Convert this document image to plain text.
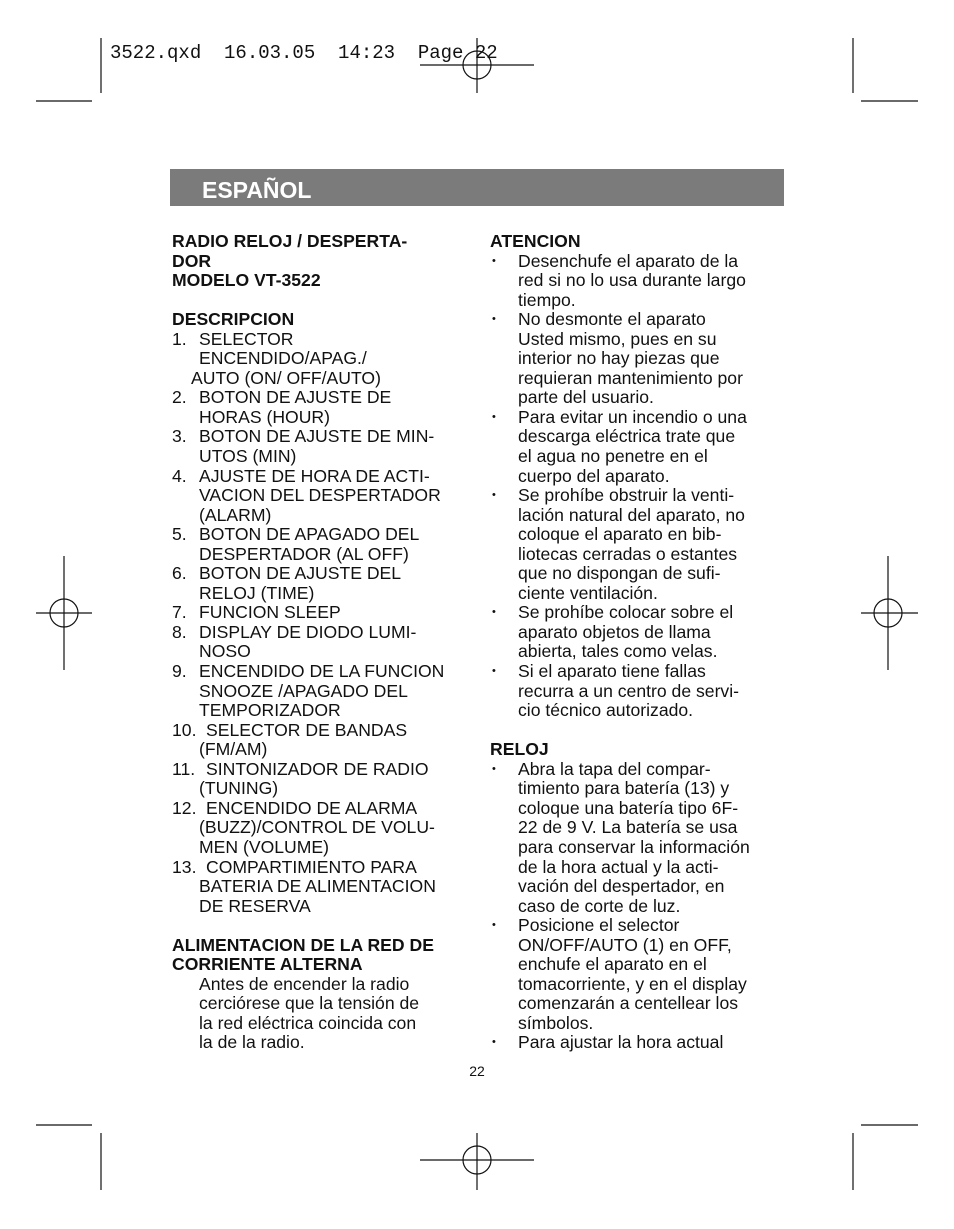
3522.qxd  16.03.05  14:23  Page 22

ESPAÑOL
RADIO RELOJ / DESPERTA-
DOR
MODELO VT-3522
DESCRIPCION
1. SELECTOR
ENCENDIDO/APAG./
AUTO (ON/ OFF/AUTO)
2. BOTON DE AJUSTE DE
HORAS (HOUR)
3. BOTON DE AJUSTE DE MIN-
UTOS (MIN)
4. AJUSTE DE HORA DE ACTI-
VACION DEL DESPERTADOR
(ALARM)
5. BOTON DE APAGADO DEL
DESPERTADOR (AL OFF)
6. BOTON DE AJUSTE DEL
RELOJ (TIME)
7. FUNCION SLEEP
8. DISPLAY DE DIODO LUMI-
NOSO
9. ENCENDIDO DE LA FUNCION
SNOOZE /APAGADO DEL
TEMPORIZADOR
10. SELECTOR DE BANDAS
(FM/AM)
11. SINTONIZADOR DE RADIO
(TUNING)
12. ENCENDIDO DE ALARMA
(BUZZ)/CONTROL DE VOLU-
MEN (VOLUME)
13. COMPARTIMIENTO PARA
BATERIA DE ALIMENTACION
DE RESERVA
ALIMENTACION DE LA RED DE
CORRIENTE ALTERNA
Antes de encender la radio
cerciórese que la tensión de
la red eléctrica coincida con
la de la radio.
ATENCION
•	Desenchufe el aparato de la
red si no lo usa durante largo
tiempo.
•	No desmonte el aparato
Usted mismo, pues en su
interior no hay piezas que
requieran mantenimiento por
parte del usuario.
•	Para evitar un incendio o una
descarga eléctrica trate que
el agua no penetre en el
cuerpo del aparato.
•	Se prohíbe obstruir la venti-
lación natural del aparato, no
coloque el aparato en bib-
liotecas cerradas o estantes
que no dispongan de sufi-
ciente ventilación.
•	Se prohíbe colocar sobre el
aparato objetos de llama
abierta, tales como velas.
•	Si el aparato tiene fallas
recurra a un centro de servi-
cio técnico autorizado.
RELOJ
•	Abra la tapa del compar-
timiento para batería (13) y
coloque una batería tipo 6F-
22 de 9 V. La batería se usa
para conservar la información
de la hora actual y la acti-
vación del despertador, en
caso de corte de luz.
•	Posicione el selector
ON/OFF/AUTO (1) en OFF,
enchufe el aparato en el
tomacorriente, y en el display
comenzarán a centellear los
símbolos.
•	Para ajustar la hora actual
22
